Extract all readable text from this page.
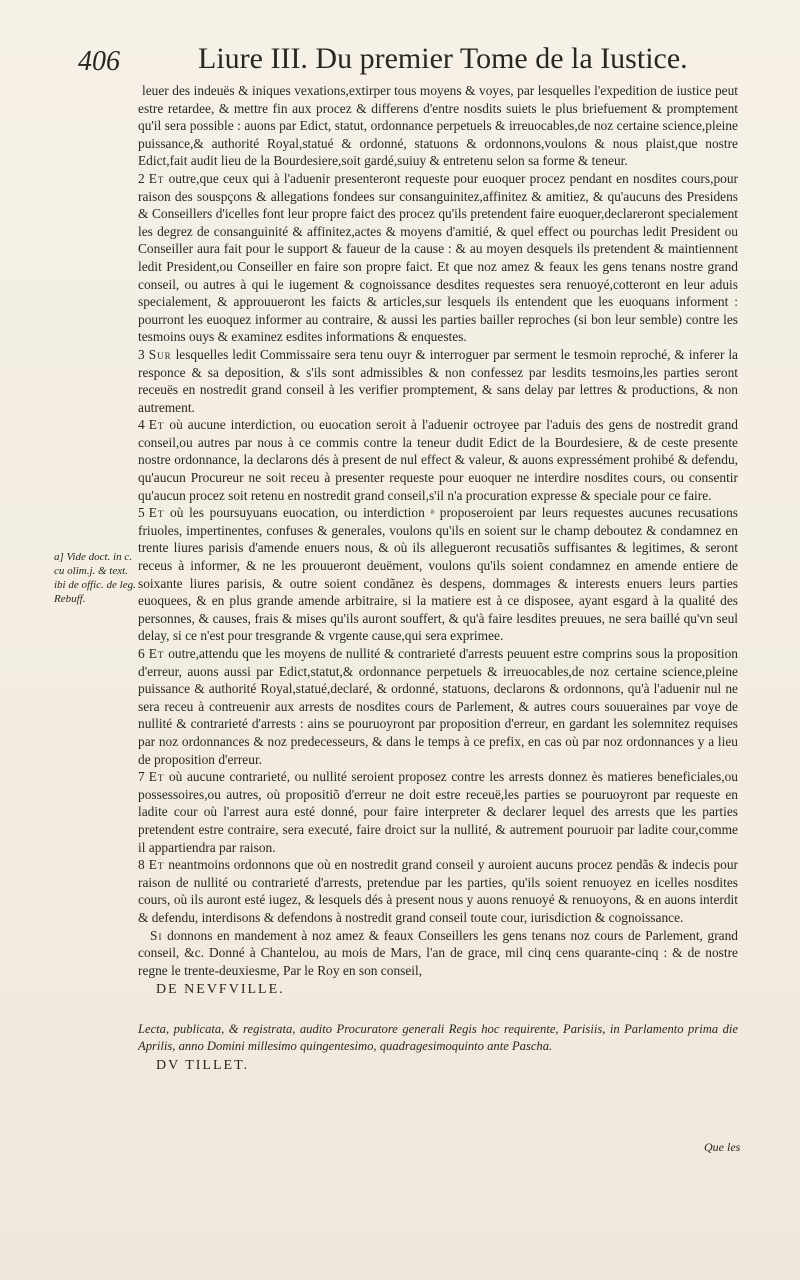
406	Liure III. Du premier Tome de la Iustice.
a] Vide doct. in c. cu olim.j. & text. ibi de offic. de leg. Rebuff.

leuer des indeuës & iniques vexations,extirper tous moyens & voyes, par lesquelles l'expedition de iustice peut estre retardee, & mettre fin aux procez & differens d'entre nosdits suiets le plus briefuement & promptement qu'il sera possible : auons par Edict, statut, ordonnance perpetuels & irreuocables,de noz certaine science,pleine puissance,& authorité Royal,statué & ordonné, statuons & ordonnons,voulons & nous plaist,que nostre Edict,fait audit lieu de la Bourdesiere,soit gardé,suiuy & entretenu selon sa forme & teneur.

2 Et outre,que ceux qui à l'aduenir presenteront requeste pour euoquer procez pendant en nosdites cours,pour raison des souspçons & allegations fondees sur consanguinitez,affinitez & amitiez, & qu'aucuns des Presidens & Conseillers d'icelles font leur propre faict des procez qu'ils pretendent faire euoquer,declareront specialement les degrez de consanguinité & affinitez,actes & moyens d'amitié, & quel effect ou pourchas ledit President ou Conseiller aura fait pour le support & faueur de la cause : & au moyen desquels ils pretendent & maintiennent ledit President,ou Conseiller en faire son propre faict. Et que noz amez & feaux les gens tenans nostre grand conseil, ou autres à qui le iugement & cognoissance desdites requestes sera renuoyé,cotteront en leur aduis specialement, & approuueront les faicts & articles,sur lesquels ils entendent que les euoquans informent : pourront les euoquez informer au contraire, & aussi les parties bailler reproches (si bon leur semble) contre les tesmoins ouys & examinez esdites informations & enquestes.

3 Sur lesquelles ledit Commissaire sera tenu ouyr & interroguer par serment le tesmoin reproché, & inferer la responce & sa deposition, & s'ils sont admissibles & non confessez par lesdits tesmoins,les parties seront receuës en nostredit grand conseil à les verifier promptement, & sans delay par lettres & productions, & non autrement.

4 Et où aucune interdiction, ou euocation seroit à l'aduenir octroyee par l'aduis des gens de nostredit grand conseil,ou autres par nous à ce commis contre la teneur dudit Edict de la Bourdesiere, & de ceste presente nostre ordonnance, la declarons dés à present de nul effect & valeur, & auons expressément prohibé & defendu, qu'aucun Procureur ne soit receu à presenter requeste pour euoquer ne interdire nosdites cours, ou consentir qu'aucun procez soit retenu en nostredit grand conseil,s'il n'a procuration expresse & speciale pour ce faire.

5 Et où les poursuyuans euocation, ou interdiction ᵃ proposeroient par leurs requestes aucunes recusations friuoles, impertinentes, confuses & generales, voulons qu'ils en soient sur le champ deboutez & condamnez en trente liures parisis d'amende enuers nous, & où ils allegueront recusatiõs suffisantes & legitimes, & seront receus à informer, & ne les prouueront deuëment, voulons qu'ils soient condamnez en amende entiere de soixante liures parisis, & outre soient condãnez ès despens, dommages & interests enuers leurs parties euoquees, & en plus grande amende arbitraire, si la matiere est à ce disposee, ayant esgard à la qualité des personnes, & causes, frais & mises qu'ils auront souffert, & qu'à faire lesdites preuues, ne sera baillé qu'vn seul delay, si ce n'est pour tresgrande & vrgente cause,qui sera exprimee.

6 Et outre,attendu que les moyens de nullité & contrarieté d'arrests peuuent estre comprins sous la proposition d'erreur, auons aussi par Edict,statut,& ordonnance perpetuels & irreuocables,de noz certaine science,pleine puissance & authorité Royal,statué,declaré, & ordonné, statuons, declarons & ordonnons, qu'à l'aduenir nul ne sera receu à contreuenir aux arrests de nosdites cours de Parlement, & autres cours souueraines par voye de nullité & contrarieté d'arrests : ains se pouruoyront par proposition d'erreur, en gardant les solemnitez requises par noz ordonnances & noz predecesseurs, & dans le temps à ce prefix, en cas où par noz ordonnances y a lieu de proposition d'erreur.

7 Et où aucune contrarieté, ou nullité seroient proposez contre les arrests donnez ès matieres beneficiales,ou possessoires,ou autres, où propositiõ d'erreur ne doit estre receuë,les parties se pouruoyront par requeste en ladite cour où l'arrest aura esté donné, pour faire interpreter & declarer lequel des arrests que les parties pretendent estre contraire, sera executé, faire droict sur la nullité, & autrement pouruoir par ladite cour,comme il appartiendra par raison.

8 Et neantmoins ordonnons que où en nostredit grand conseil y auroient aucuns procez pendãs & indecis pour raison de nullité ou contrarieté d'arrests, pretendue par les parties, qu'ils soient renuoyez en icelles nosdites cours, où ils auront esté iugez, & lesquels dés à present nous y auons renuoyé & renuoyons, & en auons interdit & defendu, interdisons & defendons à nostredit grand conseil toute cour, iurisdiction & cognoissance.

Si donnons en mandement à noz amez & feaux Conseillers les gens tenans noz cours de Parlement, grand conseil, &c. Donné à Chantelou, au mois de Mars, l'an de grace, mil cinq cens quarante-cinq : & de nostre regne le trente-deuxiesme, Par le Roy en son conseil,

DE NEVFVILLE.
Lecta, publicata, & registrata, audito Procuratore generali Regis hoc requirente, Parisiis, in Parlamento prima die Aprilis, anno Domini millesimo quingentesimo, quadragesimoquinto ante Pascha.
DV TILLET.
Que les
